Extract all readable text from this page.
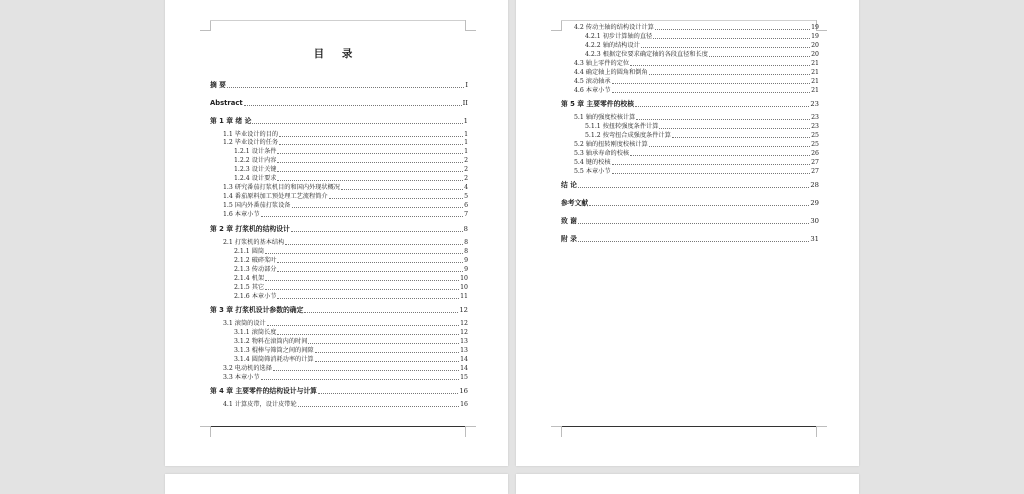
目 录
摘 要	I
Abstract	II
第 1 章 绪 论	1
1.1 毕业设计的目的	1
1.2 毕业设计的任务	1
1.2.1 设计条件	1
1.2.2 设计内容	2
1.2.3 设计关键	2
1.2.4 设计要求	2
1.3 研究番茄打浆机目的和国内外现状概况	4
1.4 番茄原料加工预处理工艺流程简介	5
1.5 国内外番茄打浆设备	6
1.6 本章小节	7
第 2 章 打浆机的结构设计	8
2.1 打浆机的基本结构	8
2.1.1 圆筒	8
2.1.2 破碎桨叶	9
2.1.3 传动部分	9
2.1.4 机架	10
2.1.5 其它	10
2.1.6 本章小节	11
第 3 章 打浆机设计参数的确定	12
3.1 滚筒的设计	12
3.1.1 滚筒长度	12
3.1.2 物料在滚筒内的时间	13
3.1.3 棍棒与筛筒之间的间隙	13
3.1.4 圆筒筛消耗功率的计算	14
3.2 电动机的选择	14
3.3 本章小节	15
第 4 章 主要零件的结构设计与计算	16
4.1 计算皮带，设计皮带轮	16
4.2 传动主轴的结构设计计算	19
4.2.1 初步计算轴的直径	19
4.2.2 轴的结构设计	20
4.2.3 根据定位要求确定轴的各段直径和长度	20
4.3 轴上零件的定位	21
4.4 确定轴上的圆角和倒角	21
4.5 滚动轴承	21
4.6 本章小节	21
第 5 章 主要零件的校核	23
5.1 轴的强度校核计算	23
5.1.1 按扭转强度条件计算	23
5.1.2 按弯扭合成强度条件计算	25
5.2 轴的扭转刚度校核计算	25
5.3 轴承寿命的校核	26
5.4 键的校核	27
5.5 本章小节	27
结 论	28
参考文献	29
致 谢	30
附 录	31
